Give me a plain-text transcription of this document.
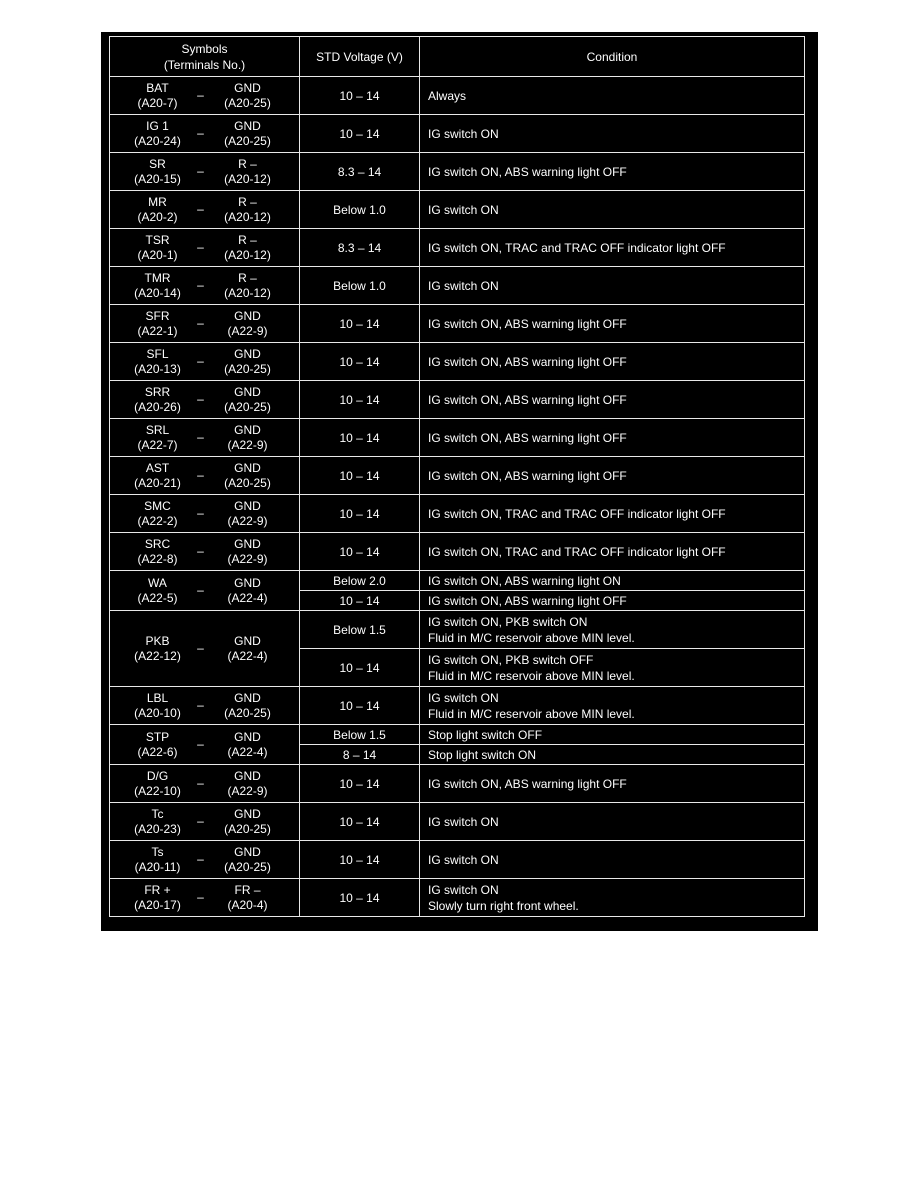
Symbols
(Terminals No.)	STD Voltage (V)	Condition

BAT
(A20-7)
–
GND
(A20-25)	10 – 14	Always

IG 1
(A20-24)
–
GND
(A20-25)	10 – 14	IG switch ON

SR
(A20-15)
–
R –
(A20-12)	8.3 – 14	IG switch ON, ABS warning light OFF

MR
(A20-2)
–
R –
(A20-12)	Below 1.0	IG switch ON

TSR
(A20-1)
–
R –
(A20-12)	8.3 – 14	IG switch ON, TRAC and TRAC OFF indicator light OFF

TMR
(A20-14)
–
R –
(A20-12)	Below 1.0	IG switch ON

SFR
(A22-1)
–
GND
(A22-9)	10 – 14	IG switch ON, ABS warning light OFF

SFL
(A20-13)
–
GND
(A20-25)	10 – 14	IG switch ON, ABS warning light OFF

SRR
(A20-26)
–
GND
(A20-25)	10 – 14	IG switch ON, ABS warning light OFF

SRL
(A22-7)
–
GND
(A22-9)	10 – 14	IG switch ON, ABS warning light OFF

AST
(A20-21)
–
GND
(A20-25)	10 – 14	IG switch ON, ABS warning light OFF

SMC
(A22-2)
–
GND
(A22-9)	10 – 14	IG switch ON, TRAC and TRAC OFF indicator light OFF

SRC
(A22-8)
–
GND
(A22-9)	10 – 14	IG switch ON, TRAC and TRAC OFF indicator light OFF

WA
(A22-5)
–
GND
(A22-4)	Below 2.0	IG switch ON, ABS warning light ON

	10 – 14	IG switch ON, ABS warning light OFF

PKB
(A22-12)
–
GND
(A22-4)	Below 1.5	IG switch ON, PKB switch ON
Fluid in M/C reservoir above MIN level.

	10 – 14	IG switch ON, PKB switch OFF
Fluid in M/C reservoir above MIN level.

LBL
(A20-10)
–
GND
(A20-25)	10 – 14	IG switch ON
Fluid in M/C reservoir above MIN level.

STP
(A22-6)
–
GND
(A22-4)	Below 1.5	Stop light switch OFF

	8 – 14	Stop light switch ON

D/G
(A22-10)
–
GND
(A22-9)	10 – 14	IG switch ON, ABS warning light OFF

Tc
(A20-23)
–
GND
(A20-25)	10 – 14	IG switch ON

Ts
(A20-11)
–
GND
(A20-25)	10 – 14	IG switch ON

FR +
(A20-17)
–
FR –
(A20-4)	10 – 14	IG switch ON
Slowly turn right front wheel.
